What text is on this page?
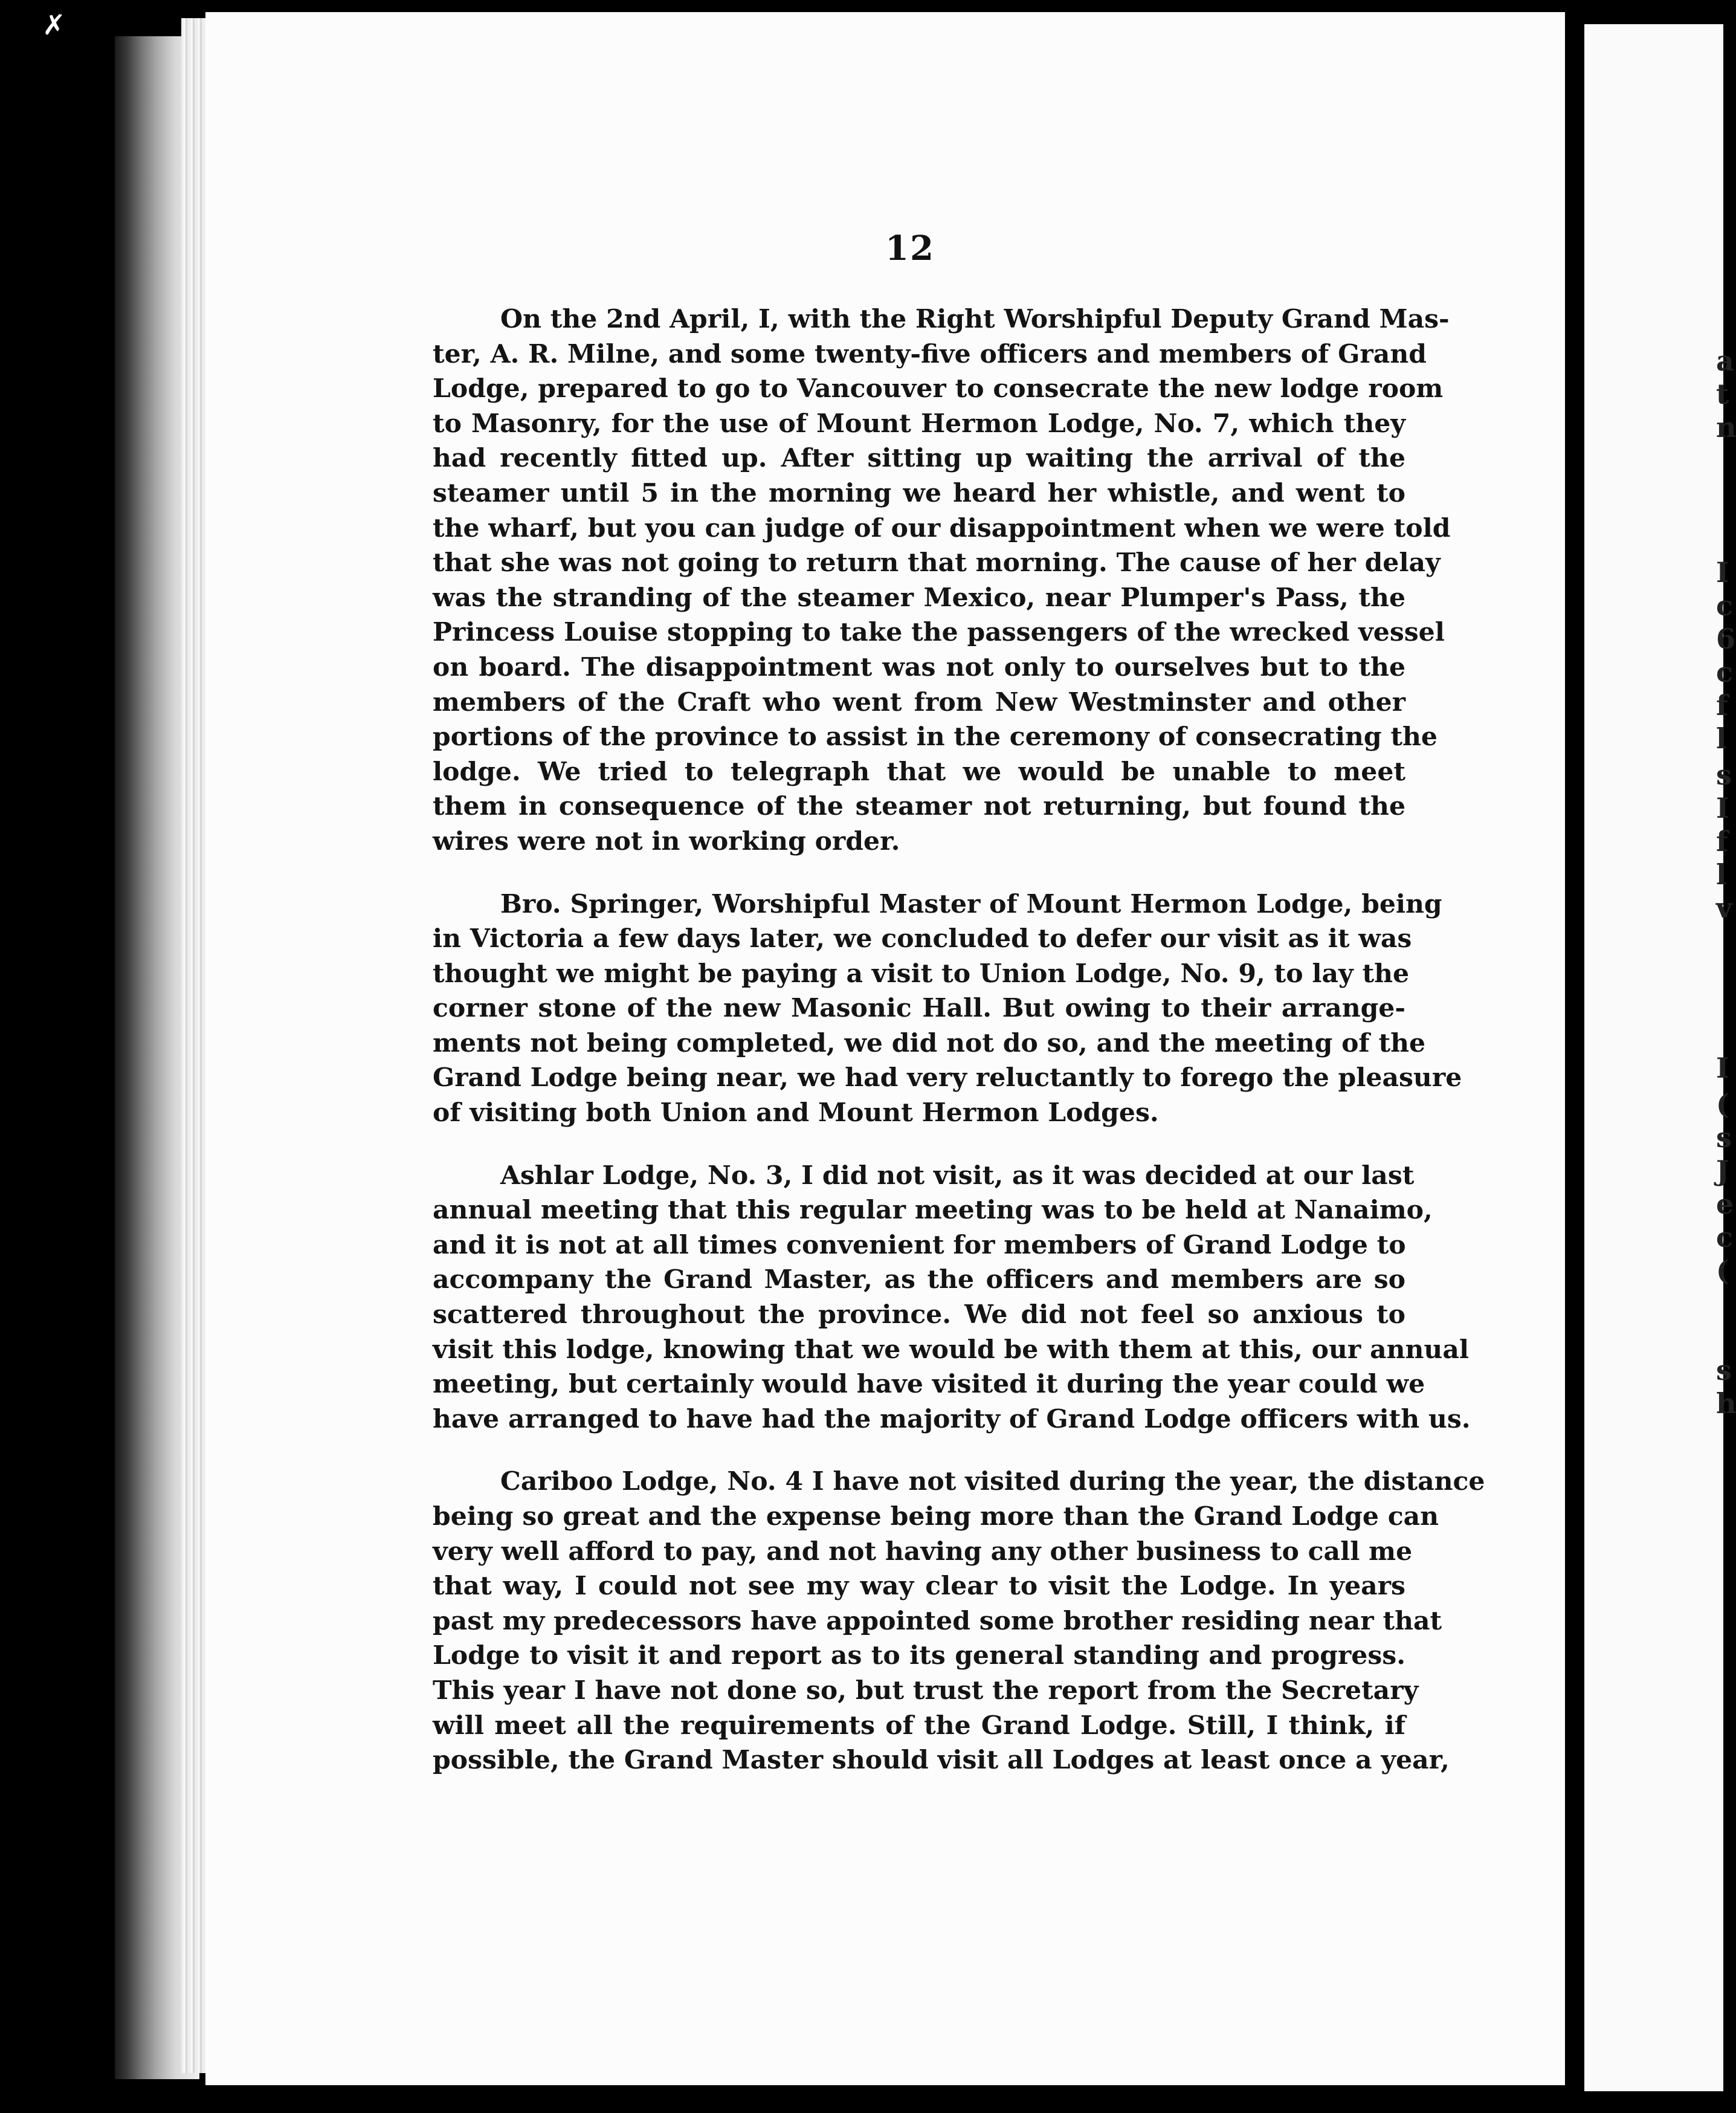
a
t
n
I
c
6
c
f
l
s
I
f
l
v
I
(
s
J
e
c
(
s
h
✗
12
On the 2nd April, I, with the Right Worshipful Deputy Grand Mas-
ter, A. R. Milne, and some twenty-five officers and members of Grand
Lodge, prepared to go to Vancouver to consecrate the new lodge room
to Masonry, for the use of Mount Hermon Lodge, No. 7, which they
had recently fitted up. After sitting up waiting the arrival of the
steamer until 5 in the morning we heard her whistle, and went to
the wharf, but you can judge of our disappointment when we were told
that she was not going to return that morning. The cause of her delay
was the stranding of the steamer Mexico, near Plumper's Pass, the
Princess Louise stopping to take the passengers of the wrecked vessel
on board. The disappointment was not only to ourselves but to the
members of the Craft who went from New Westminster and other
portions of the province to assist in the ceremony of consecrating the
lodge. We tried to telegraph that we would be unable to meet
them in consequence of the steamer not returning, but found the
wires were not in working order.
Bro. Springer, Worshipful Master of Mount Hermon Lodge, being
in Victoria a few days later, we concluded to defer our visit as it was
thought we might be paying a visit to Union Lodge, No. 9, to lay the
corner stone of the new Masonic Hall. But owing to their arrange-
ments not being completed, we did not do so, and the meeting of the
Grand Lodge being near, we had very reluctantly to forego the pleasure
of visiting both Union and Mount Hermon Lodges.
Ashlar Lodge, No. 3, I did not visit, as it was decided at our last
annual meeting that this regular meeting was to be held at Nanaimo,
and it is not at all times convenient for members of Grand Lodge to
accompany the Grand Master, as the officers and members are so
scattered throughout the province. We did not feel so anxious to
visit this lodge, knowing that we would be with them at this, our annual
meeting, but certainly would have visited it during the year could we
have arranged to have had the majority of Grand Lodge officers with us.
Cariboo Lodge, No. 4 I have not visited during the year, the distance
being so great and the expense being more than the Grand Lodge can
very well afford to pay, and not having any other business to call me
that way, I could not see my way clear to visit the Lodge. In years
past my predecessors have appointed some brother residing near that
Lodge to visit it and report as to its general standing and progress.
This year I have not done so, but trust the report from the Secretary
will meet all the requirements of the Grand Lodge. Still, I think, if
possible, the Grand Master should visit all Lodges at least once a year,
